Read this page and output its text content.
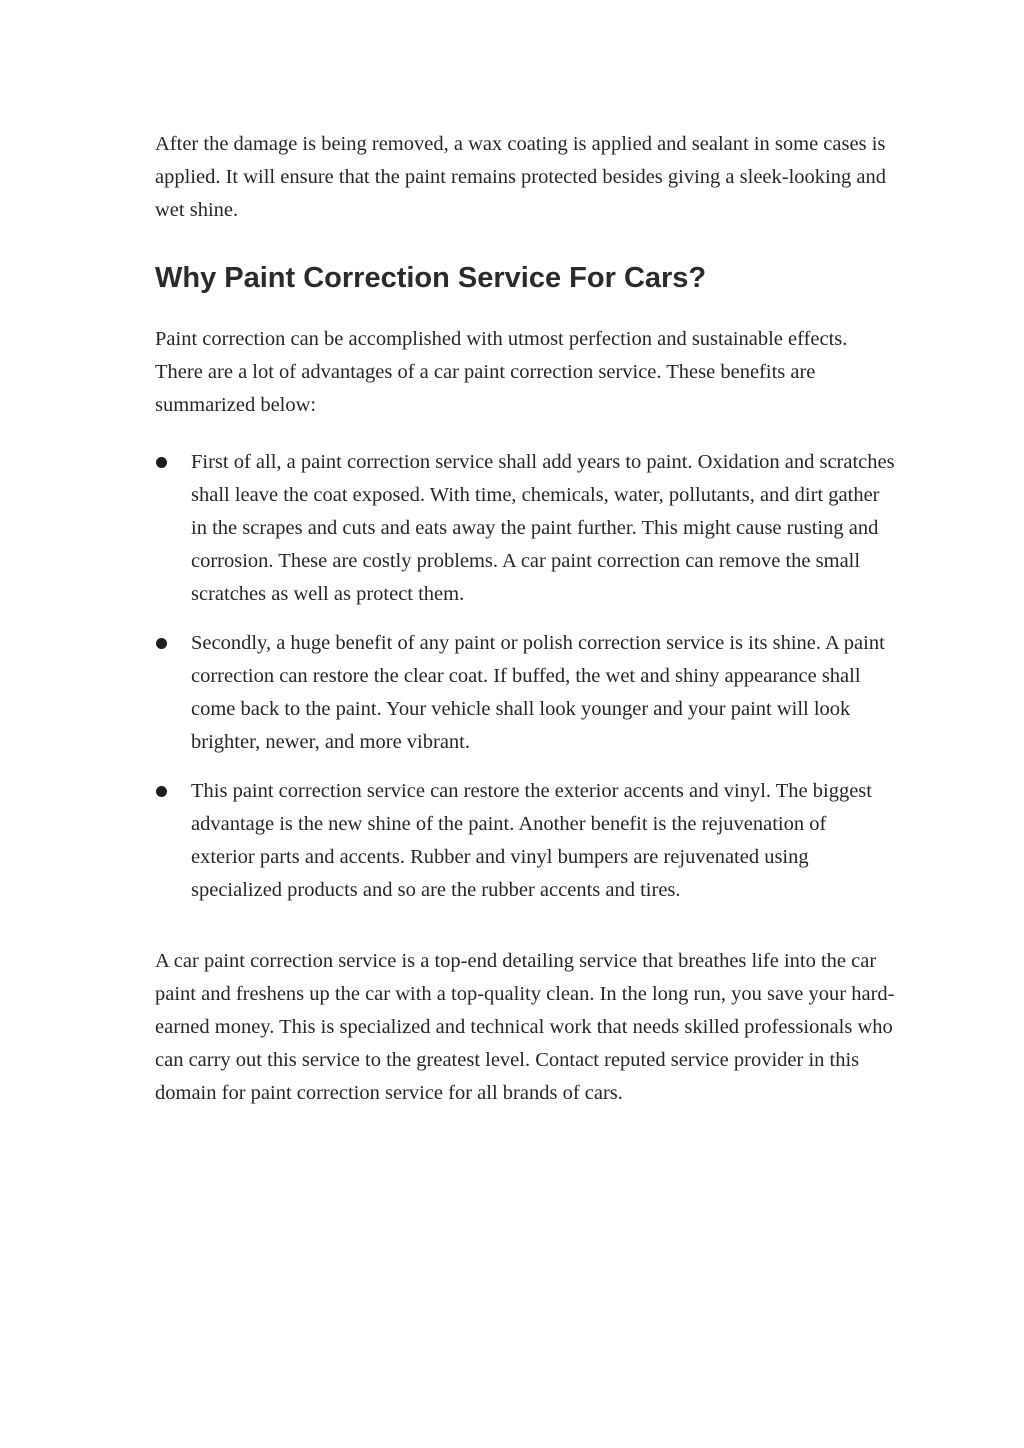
After the damage is being removed, a wax coating is applied and sealant in some cases is applied. It will ensure that the paint remains protected besides giving a sleek-looking and wet shine.

Why Paint Correction Service For Cars?

Paint correction can be accomplished with utmost perfection and sustainable effects. There are a lot of advantages of a car paint correction service. These benefits are summarized below:

First of all, a paint correction service shall add years to paint. Oxidation and scratches shall leave the coat exposed. With time, chemicals, water, pollutants, and dirt gather in the scrapes and cuts and eats away the paint further. This might cause rusting and corrosion. These are costly problems. A car paint correction can remove the small scratches as well as protect them.
Secondly, a huge benefit of any paint or polish correction service is its shine. A paint correction can restore the clear coat. If buffed, the wet and shiny appearance shall come back to the paint. Your vehicle shall look younger and your paint will look brighter, newer, and more vibrant.
This paint correction service can restore the exterior accents and vinyl. The biggest advantage is the new shine of the paint. Another benefit is the rejuvenation of exterior parts and accents. Rubber and vinyl bumpers are rejuvenated using specialized products and so are the rubber accents and tires.

A car paint correction service is a top-end detailing service that breathes life into the car paint and freshens up the car with a top-quality clean. In the long run, you save your hard-earned money. This is specialized and technical work that needs skilled professionals who can carry out this service to the greatest level. Contact reputed service provider in this domain for paint correction service for all brands of cars.
